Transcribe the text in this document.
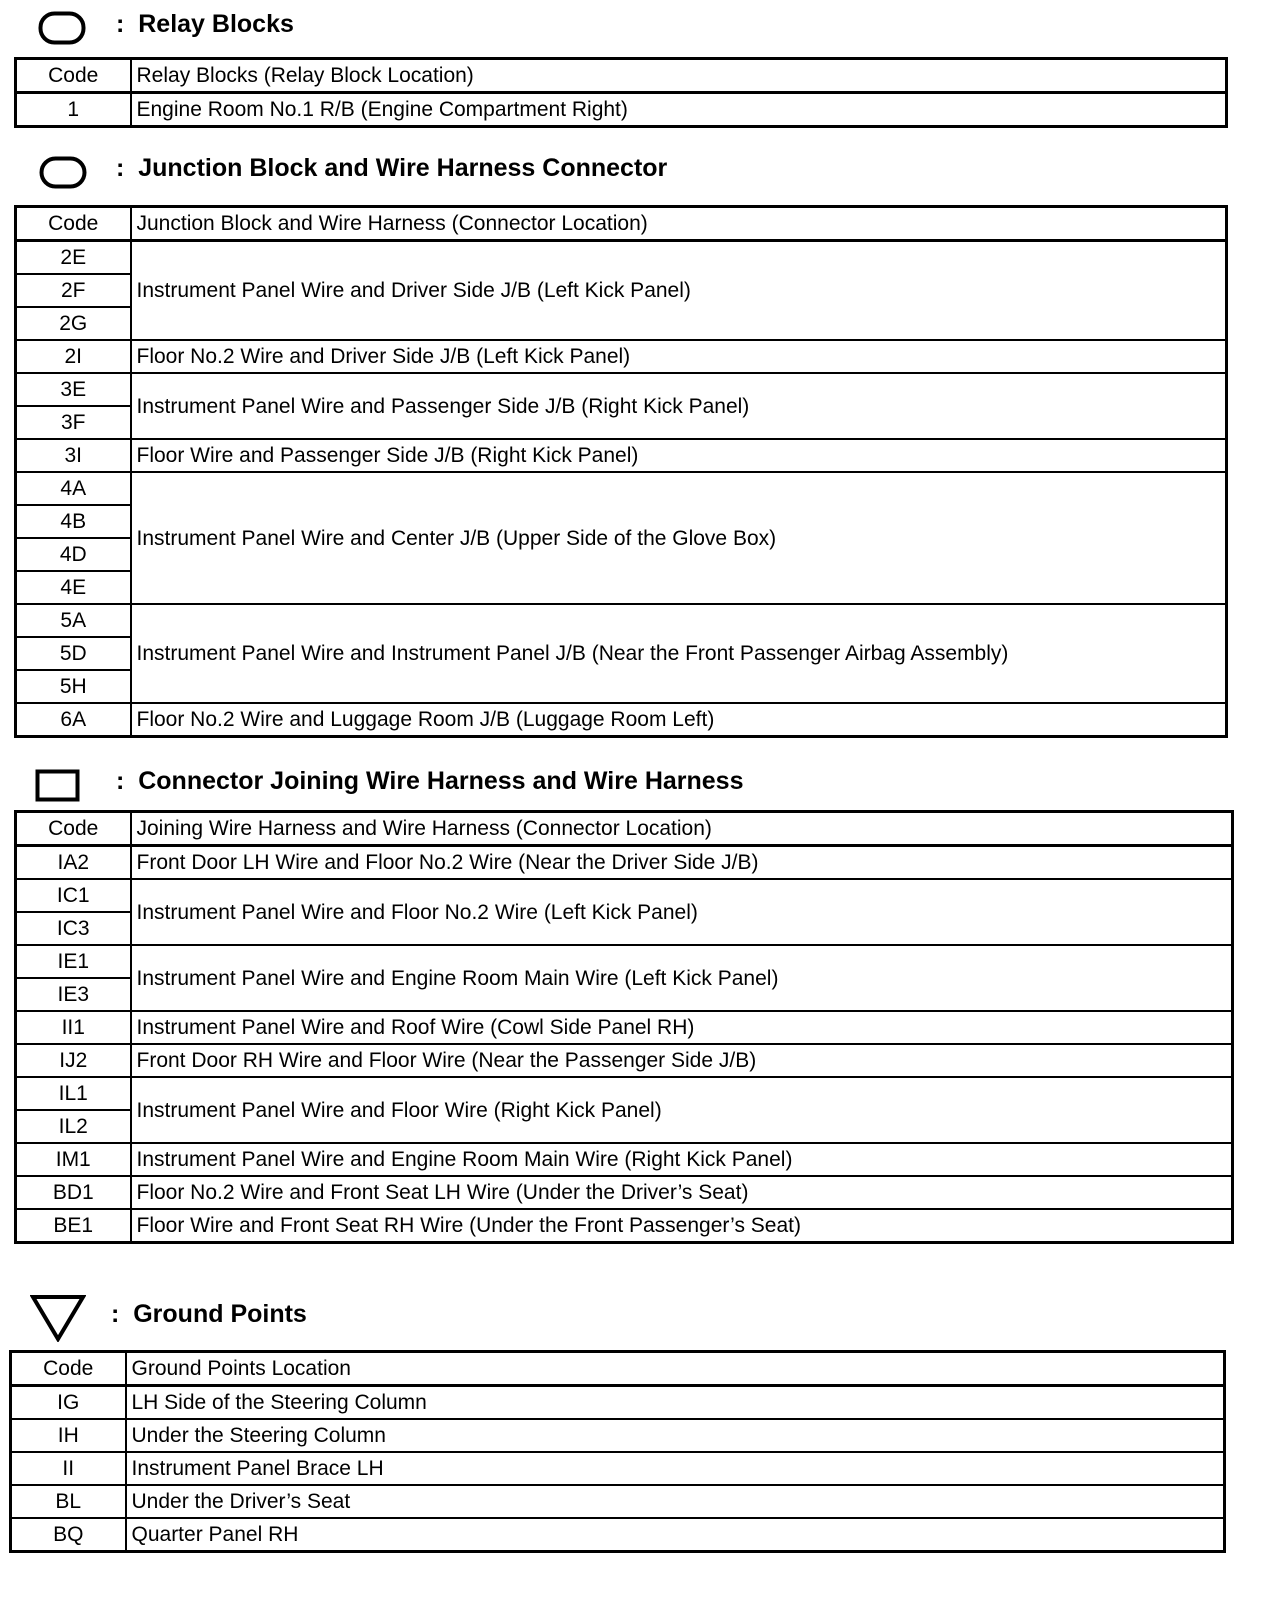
: Relay Blocks
Code	Relay Blocks (Relay Block Location)
1	Engine Room No.1 R/B (Engine Compartment Right)
: Junction Block and Wire Harness Connector
Code	Junction Block and Wire Harness (Connector Location)
2E	Instrument Panel Wire and Driver Side J/B (Left Kick Panel)
2F	
2G	
2I	Floor No.2 Wire and Driver Side J/B (Left Kick Panel)
3E	Instrument Panel Wire and Passenger Side J/B (Right Kick Panel)
3F	
3I	Floor Wire and Passenger Side J/B (Right Kick Panel)
4A	Instrument Panel Wire and Center J/B (Upper Side of the Glove Box)
4B	
4D	
4E	
5A	Instrument Panel Wire and Instrument Panel J/B (Near the Front Passenger Airbag Assembly)
5D	
5H	
6A	Floor No.2 Wire and Luggage Room J/B (Luggage Room Left)
: Connector Joining Wire Harness and Wire Harness
Code	Joining Wire Harness and Wire Harness (Connector Location)
IA2	Front Door LH Wire and Floor No.2 Wire (Near the Driver Side J/B)
IC1	Instrument Panel Wire and Floor No.2 Wire (Left Kick Panel)
IC3	
IE1	Instrument Panel Wire and Engine Room Main Wire (Left Kick Panel)
IE3	
II1	Instrument Panel Wire and Roof Wire (Cowl Side Panel RH)
IJ2	Front Door RH Wire and Floor Wire (Near the Passenger Side J/B)
IL1	Instrument Panel Wire and Floor Wire (Right Kick Panel)
IL2	
IM1	Instrument Panel Wire and Engine Room Main Wire (Right Kick Panel)
BD1	Floor No.2 Wire and Front Seat LH Wire (Under the Driver’s Seat)
BE1	Floor Wire and Front Seat RH Wire (Under the Front Passenger’s Seat)
: Ground Points
Code	Ground Points Location
IG	LH Side of the Steering Column
IH	Under the Steering Column
II	Instrument Panel Brace LH
BL	Under the Driver’s Seat
BQ	Quarter Panel RH
